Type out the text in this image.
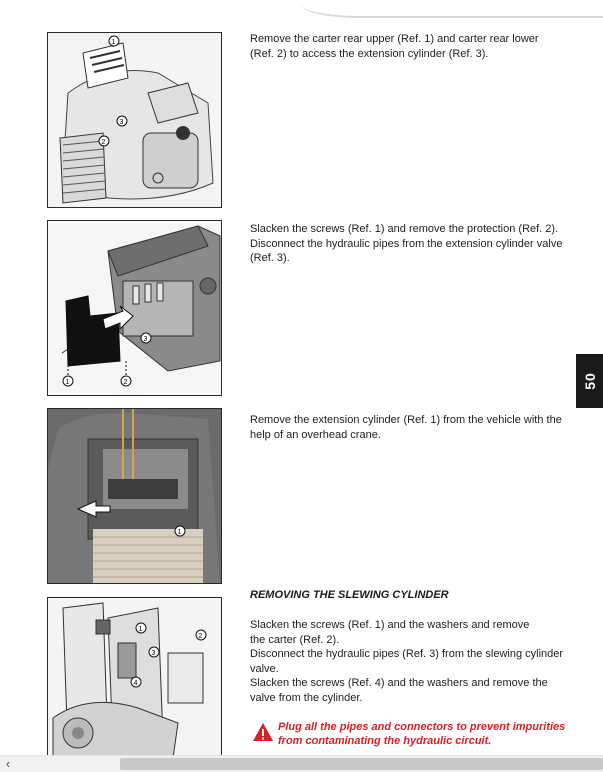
1
2
3

Remove the carter rear upper (Ref. 1) and carter rear lower (Ref. 2) to access the extension cylinder (Ref. 3).

1	2
3

Slacken the screws (Ref. 1) and remove the protection (Ref. 2). Disconnect the hydraulic pipes from the extension cylinder valve (Ref. 3).

50
1

Remove the extension cylinder (Ref. 1) from the vehicle with the help of an overhead crane.

REMOVING THE SLEWING CYLINDER
1
2
3
4

Slacken the screws (Ref. 1) and the washers and remove

the carter (Ref. 2).

Disconnect the hydraulic pipes (Ref. 3) from the slewing cylinder

valve.

Slacken the screws (Ref. 4) and the washers and remove the

valve from the cylinder.

Plug all the pipes and connectors to prevent impurities
from contaminating the hydraulic circuit.
‹
